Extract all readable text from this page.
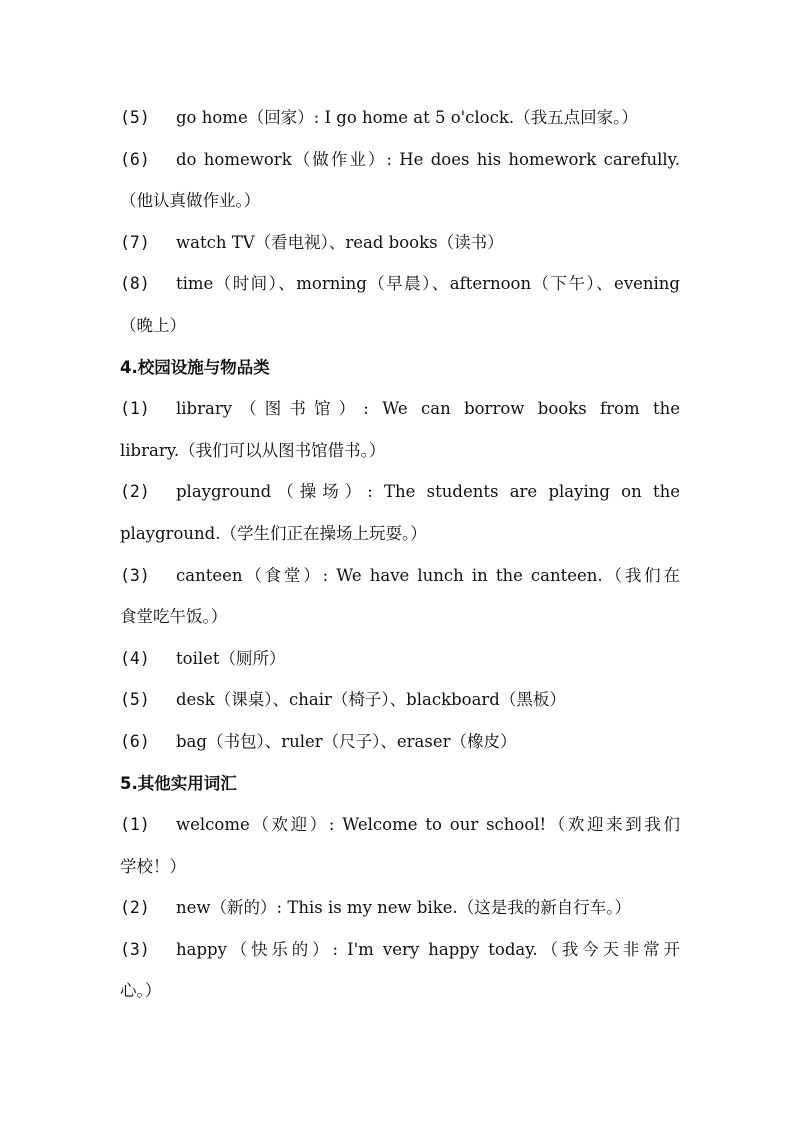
(5) go home（回家）: I go home at 5 o'clock.（我五点回家。）
(6) do homework（做作业）: He does his homework carefully.
（他认真做作业。）
(7) watch TV（看电视）、read books（读书）
(8) time（时间）、morning（早晨）、afternoon（下午）、evening
（晚上）
4.校园设施与物品类
(1) library（图书馆）: We can borrow books from the
library.（我们可以从图书馆借书。）
(2) playground（操场）: The students are playing on the
playground.（学生们正在操场上玩耍。）
(3) canteen（食堂）: We have lunch in the canteen.（我们在
食堂吃午饭。）
(4) toilet（厕所）
(5) desk（课桌）、chair（椅子）、blackboard（黑板）
(6) bag（书包）、ruler（尺子）、eraser（橡皮）
5.其他实用词汇
(1) welcome（欢迎）: Welcome to our school!（欢迎来到我们
学校！）
(2) new（新的）: This is my new bike.（这是我的新自行车。）
(3) happy（快乐的）: I'm very happy today.（我今天非常开
心。）
